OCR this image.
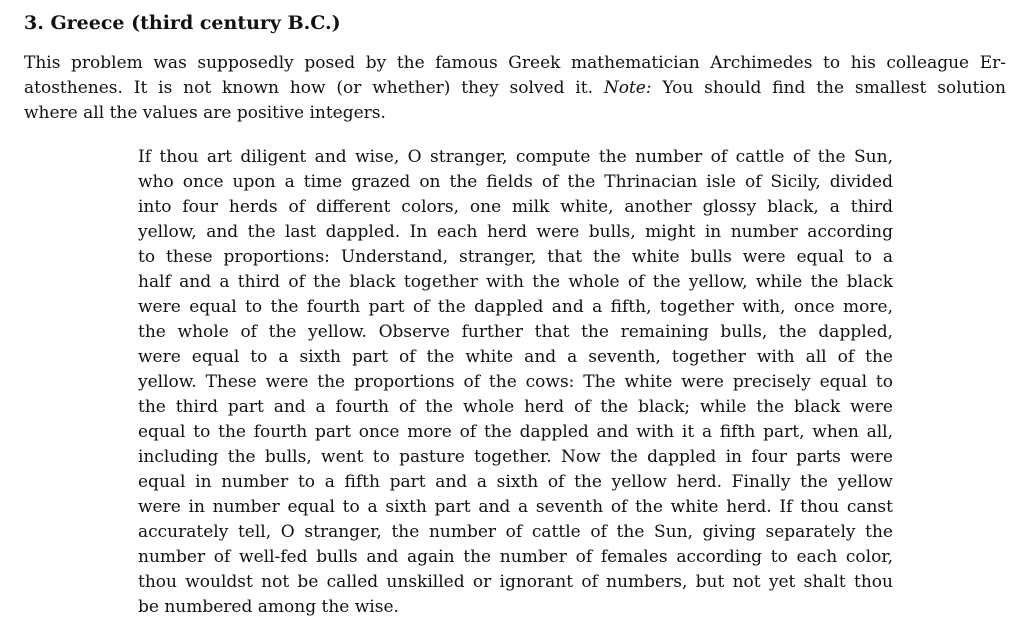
3. Greece (third century B.C.)
This problem was supposedly posed by the famous Greek mathematician Archimedes to his colleague Er-
atosthenes. It is not known how (or whether) they solved it. Note: You should find the smallest solution
where all the values are positive integers.
If thou art diligent and wise, O stranger, compute the number of cattle of the Sun,
who once upon a time grazed on the fields of the Thrinacian isle of Sicily, divided
into four herds of different colors, one milk white, another glossy black, a third
yellow, and the last dappled. In each herd were bulls, might in number according
to these proportions: Understand, stranger, that the white bulls were equal to a
half and a third of the black together with the whole of the yellow, while the black
were equal to the fourth part of the dappled and a fifth, together with, once more,
the whole of the yellow. Observe further that the remaining bulls, the dappled,
were equal to a sixth part of the white and a seventh, together with all of the
yellow. These were the proportions of the cows: The white were precisely equal to
the third part and a fourth of the whole herd of the black; while the black were
equal to the fourth part once more of the dappled and with it a fifth part, when all,
including the bulls, went to pasture together. Now the dappled in four parts were
equal in number to a fifth part and a sixth of the yellow herd. Finally the yellow
were in number equal to a sixth part and a seventh of the white herd. If thou canst
accurately tell, O stranger, the number of cattle of the Sun, giving separately the
number of well-fed bulls and again the number of females according to each color,
thou wouldst not be called unskilled or ignorant of numbers, but not yet shalt thou
be numbered among the wise.
